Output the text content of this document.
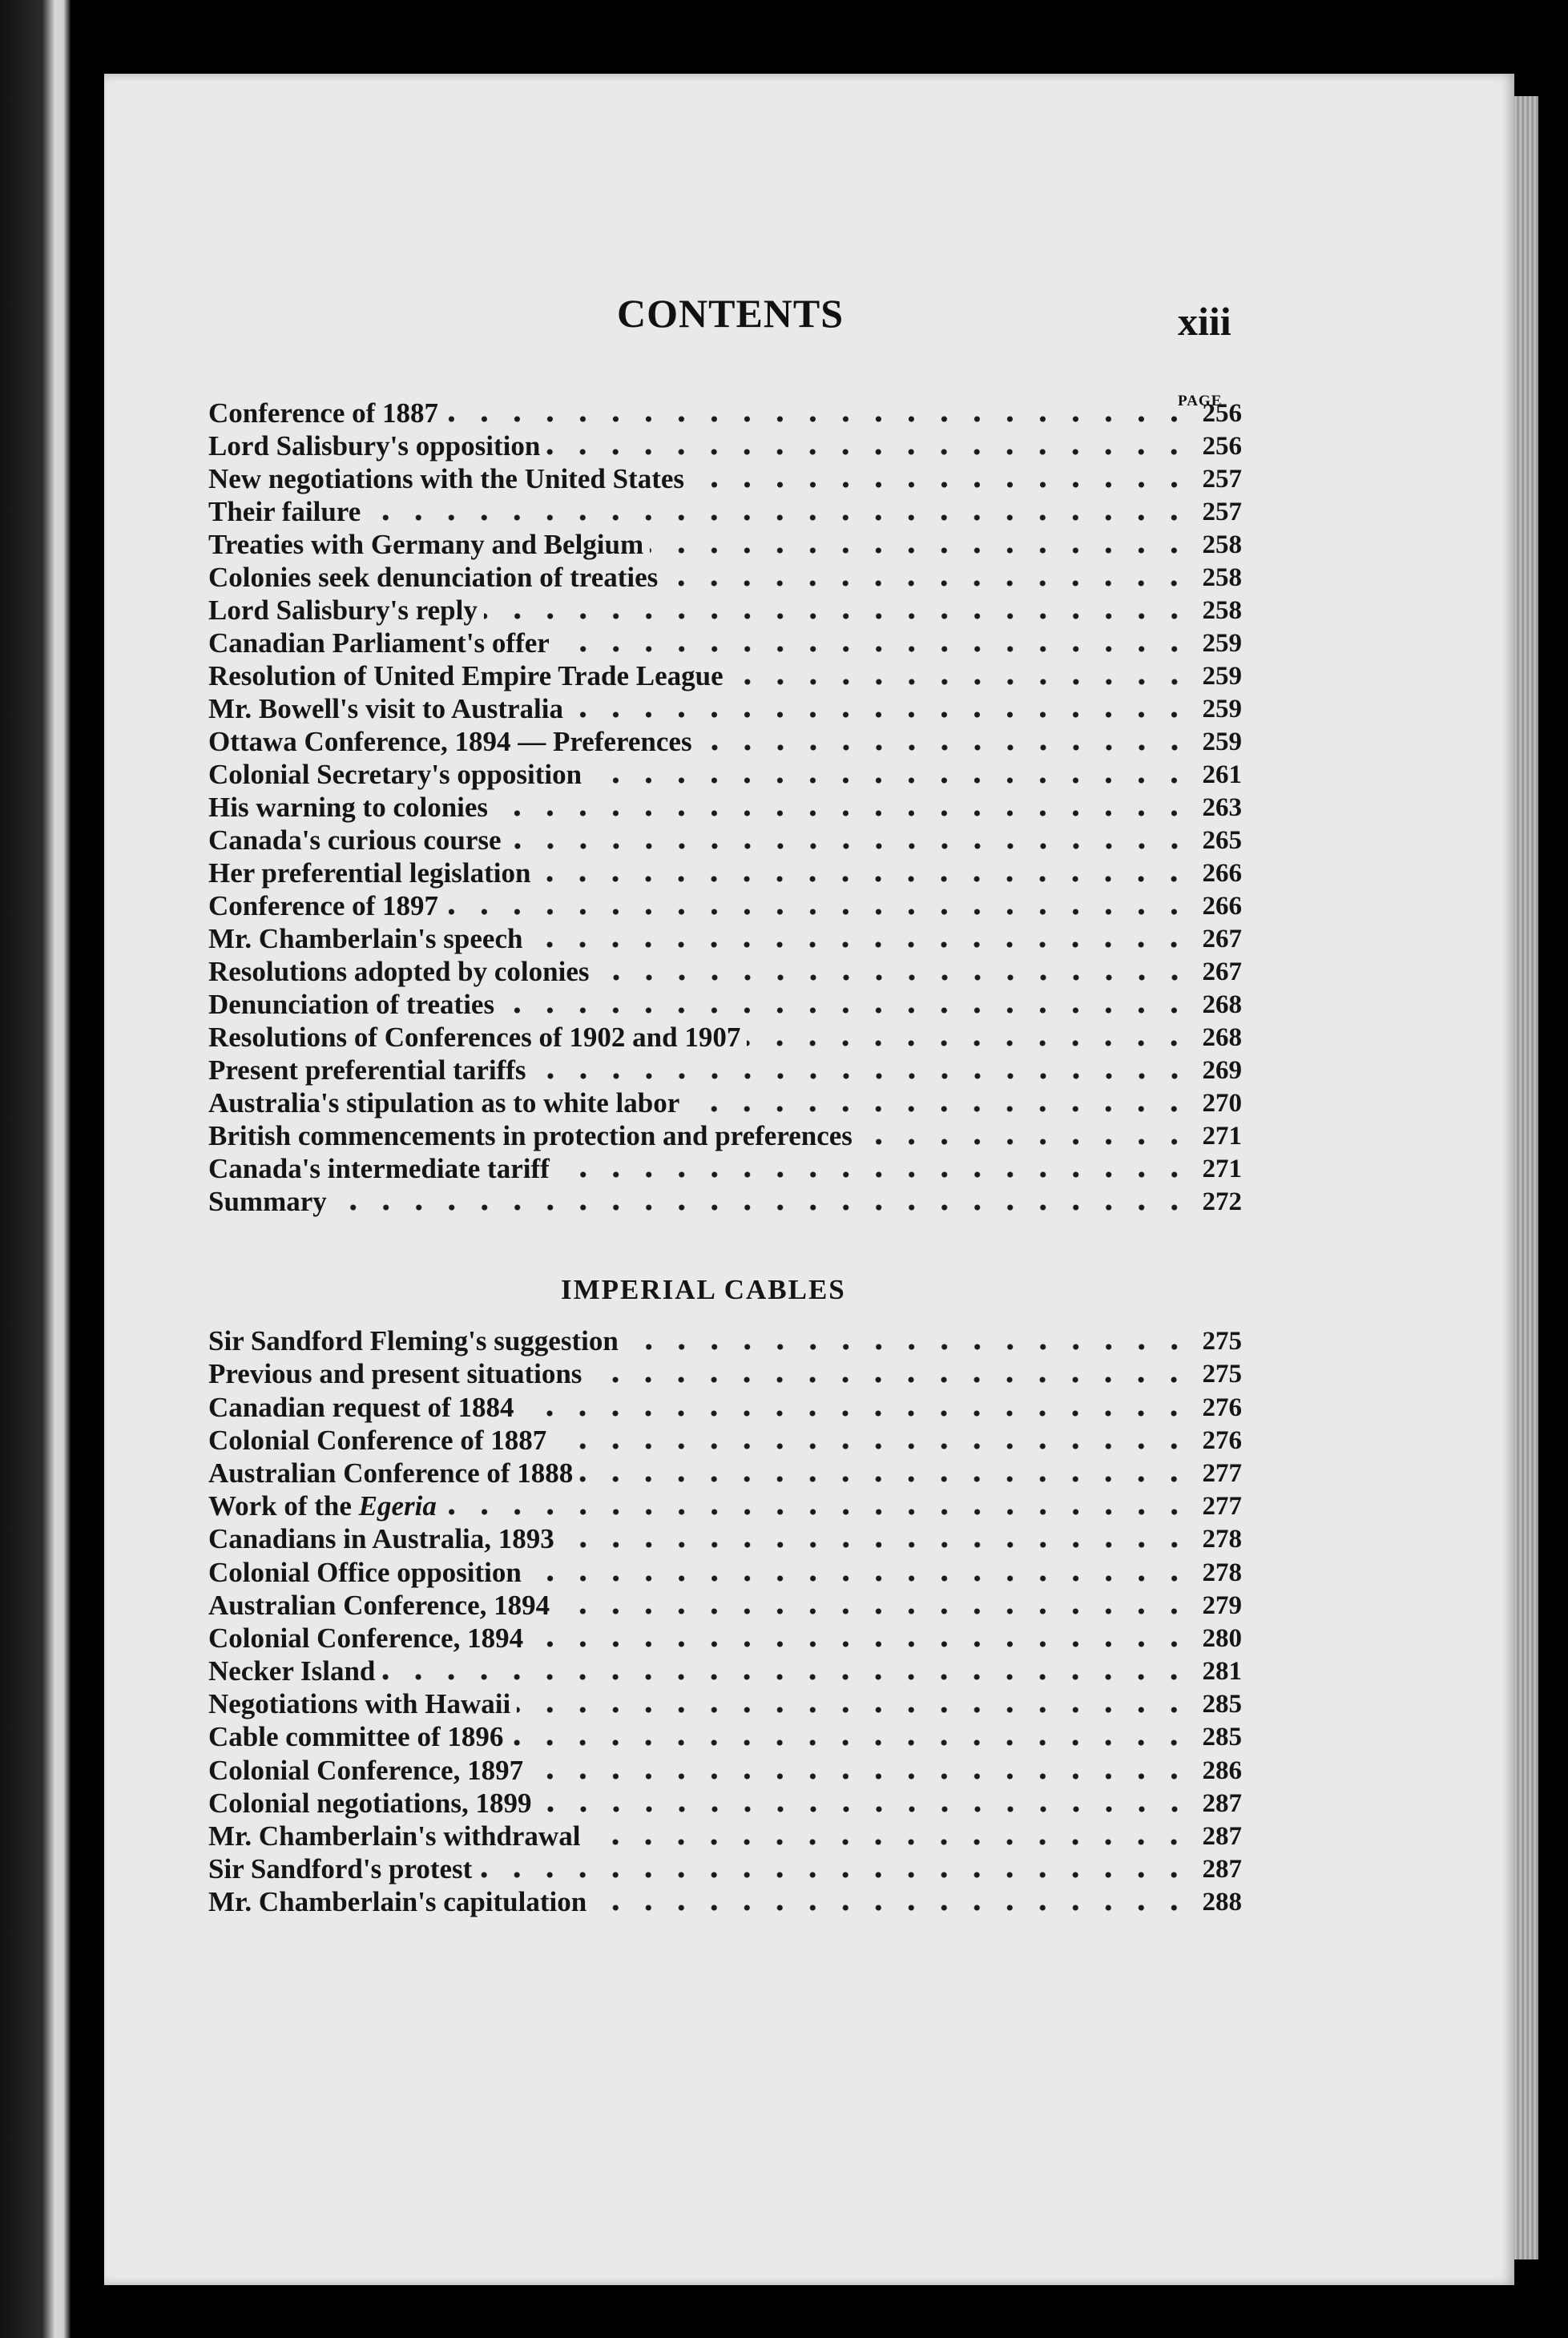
CONTENTS	xiii
PAGE
Conference of 1887	256
Lord Salisbury's opposition	256
New negotiations with the United States	257
Their failure	257
Treaties with Germany and Belgium	258
Colonies seek denunciation of treaties	258
Lord Salisbury's reply	258
Canadian Parliament's offer	259
Resolution of United Empire Trade League	259
Mr. Bowell's visit to Australia	259
Ottawa Conference, 1894 — Preferences	259
Colonial Secretary's opposition	261
His warning to colonies	263
Canada's curious course	265
Her preferential legislation	266
Conference of 1897	266
Mr. Chamberlain's speech	267
Resolutions adopted by colonies	267
Denunciation of treaties	268
Resolutions of Conferences of 1902 and 1907	268
Present preferential tariffs	269
Australia's stipulation as to white labor	270
British commencements in protection and preferences	271
Canada's intermediate tariff	271
Summary	272
IMPERIAL CABLES
Sir Sandford Fleming's suggestion	275
Previous and present situations	275
Canadian request of 1884	276
Colonial Conference of 1887	276
Australian Conference of 1888	277
Work of the Egeria	277
Canadians in Australia, 1893	278
Colonial Office opposition	278
Australian Conference, 1894	279
Colonial Conference, 1894	280
Necker Island	281
Negotiations with Hawaii	285
Cable committee of 1896	285
Colonial Conference, 1897	286
Colonial negotiations, 1899	287
Mr. Chamberlain's withdrawal	287
Sir Sandford's protest	287
Mr. Chamberlain's capitulation	288
